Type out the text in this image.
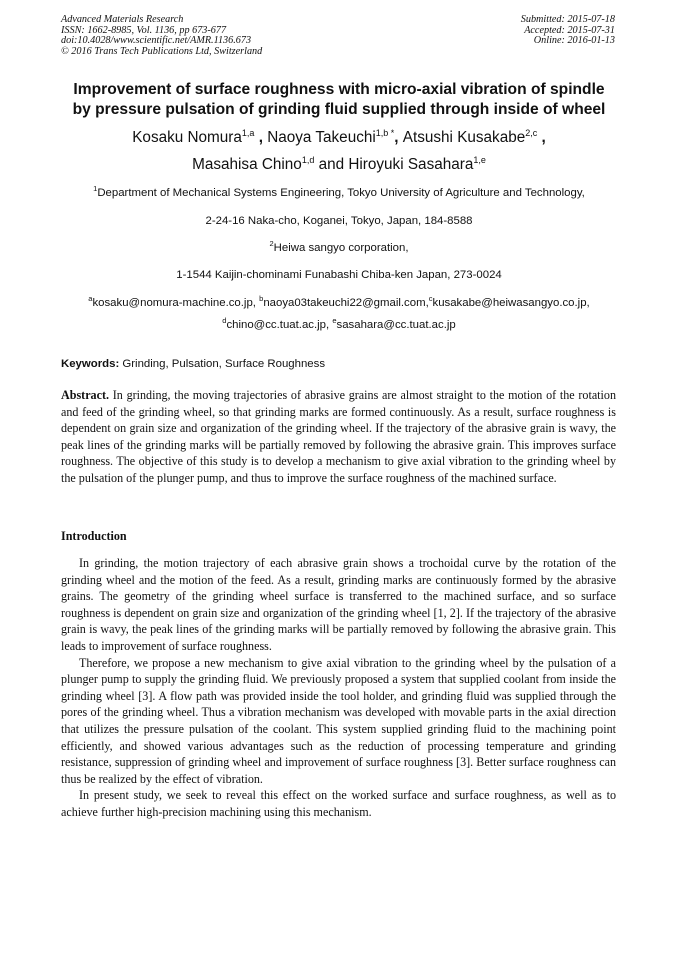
Advanced Materials Research
ISSN: 1662-8985, Vol. 1136, pp 673-677
doi:10.4028/www.scientific.net/AMR.1136.673
© 2016 Trans Tech Publications Ltd, Switzerland
Submitted: 2015-07-18
Accepted: 2015-07-31
Online: 2016-01-13
Improvement of surface roughness with micro-axial vibration of spindle
by pressure pulsation of grinding fluid supplied through inside of wheel
Kosaku Nomura$^{1,a}$ , Naoya Takeuchi$^{1,b *}$, Atsushi Kusakabe$^{2,c}$ ,
Masahisa Chino$^{1,d}$ and Hiroyuki Sasahara$^{1,e}$
$^1$Department of Mechanical Systems Engineering, Tokyo University of Agriculture and Technology,
2-24-16 Naka-cho, Koganei, Tokyo, Japan, 184-8588
$^2$Heiwa sangyo corporation,
1-1544 Kaijin-chominami Funabashi Chiba-ken Japan, 273-0024
$^a$kosaku@nomura-machine.co.jp, $^b$naoya03takeuchi22@gmail.com,$^c$kusakabe@heiwasangyo.co.jp,
$^d$chino@cc.tuat.ac.jp, $^e$sasahara@cc.tuat.ac.jp
Keywords: Grinding, Pulsation, Surface Roughness

Abstract. In grinding, the moving trajectories of abrasive grains are almost straight to the motion of the rotation and feed of the grinding wheel, so that grinding marks are formed continuously. As a result, surface roughness is dependent on grain size and organization of the grinding wheel. If the trajectory of the abrasive grain is wavy, the peak lines of the grinding marks will be partially removed by following the abrasive grain. This improves surface roughness. The objective of this study is to develop a mechanism to give axial vibration to the grinding wheel by the pulsation of the plunger pump, and thus to improve the surface roughness of the machined surface.

Introduction

In grinding, the motion trajectory of each abrasive grain shows a trochoidal curve by the rotation of the grinding wheel and the motion of the feed. As a result, grinding marks are continuously formed by the abrasive grains. The geometry of the grinding wheel surface is transferred to the machined surface, and so surface roughness is dependent on grain size and organization of the grinding wheel [1, 2]. If the trajectory of the abrasive grain is wavy, the peak lines of the grinding marks will be partially removed by following the abrasive grain. This leads to improvement of surface roughness.

Therefore, we propose a new mechanism to give axial vibration to the grinding wheel by the pulsation of a plunger pump to supply the grinding fluid. We previously proposed a system that supplied coolant from inside the grinding wheel [3]. A flow path was provided inside the tool holder, and grinding fluid was supplied through the pores of the grinding wheel. Thus a vibration mechanism was developed with movable parts in the axial direction that utilizes the pressure pulsation of the coolant. This system supplied grinding fluid to the machining point efficiently, and showed various advantages such as the reduction of processing temperature and grinding resistance, suppression of grinding wheel and improvement of surface roughness [3]. Better surface roughness can thus be realized by the effect of vibration.

In present study, we seek to reveal this effect on the worked surface and surface roughness, as well as to achieve further high-precision machining using this mechanism.
